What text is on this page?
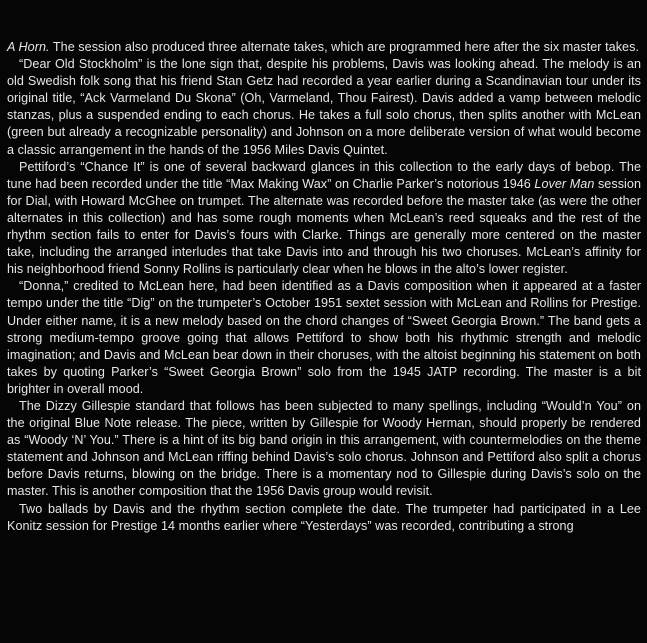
A Horn. The session also produced three alternate takes, which are programmed here after the six master takes.

“Dear Old Stockholm” is the lone sign that, despite his problems, Davis was looking ahead. The melody is an old Swedish folk song that his friend Stan Getz had recorded a year earlier during a Scandinavian tour under its original title, “Ack Varmeland Du Skona” (Oh, Varmeland, Thou Fairest). Davis added a vamp between melodic stanzas, plus a suspended ending to each chorus. He takes a full solo chorus, then splits another with McLean (green but already a recognizable personality) and Johnson on a more deliberate version of what would become a classic arrangement in the hands of the 1956 Miles Davis Quintet.

Pettiford’s “Chance It” is one of several backward glances in this collection to the early days of bebop. The tune had been recorded under the title “Max Making Wax” on Charlie Parker’s notorious 1946 Lover Man session for Dial, with Howard McGhee on trumpet. The alternate was recorded before the master take (as were the other alternates in this collection) and has some rough moments when McLean’s reed squeaks and the rest of the rhythm section fails to enter for Davis’s fours with Clarke. Things are generally more centered on the master take, including the arranged interludes that take Davis into and through his two choruses. McLean’s affinity for his neighborhood friend Sonny Rollins is particularly clear when he blows in the alto’s lower register.

“Donna,” credited to McLean here, had been identified as a Davis composition when it appeared at a faster tempo under the title “Dig” on the trumpeter’s October 1951 sextet session with McLean and Rollins for Prestige. Under either name, it is a new melody based on the chord changes of “Sweet Georgia Brown.” The band gets a strong medium-tempo groove going that allows Pettiford to show both his rhythmic strength and melodic imagination; and Davis and McLean bear down in their choruses, with the altoist beginning his statement on both takes by quoting Parker’s “Sweet Georgia Brown” solo from the 1945 JATP recording. The master is a bit brighter in overall mood.

The Dizzy Gillespie standard that follows has been subjected to many spellings, including “Would’n You” on the original Blue Note release. The piece, written by Gillespie for Woody Herman, should properly be rendered as “Woody ‘N’ You.” There is a hint of its big band origin in this arrangement, with countermelodies on the theme statement and Johnson and McLean riffing behind Davis’s solo chorus. Johnson and Pettiford also split a chorus before Davis returns, blowing on the bridge. There is a momentary nod to Gillespie during Davis’s solo on the master. This is another composition that the 1956 Davis group would revisit.

Two ballads by Davis and the rhythm section complete the date. The trumpeter had participated in a Lee Konitz session for Prestige 14 months earlier where “Yesterdays” was recorded, contributing a strong
